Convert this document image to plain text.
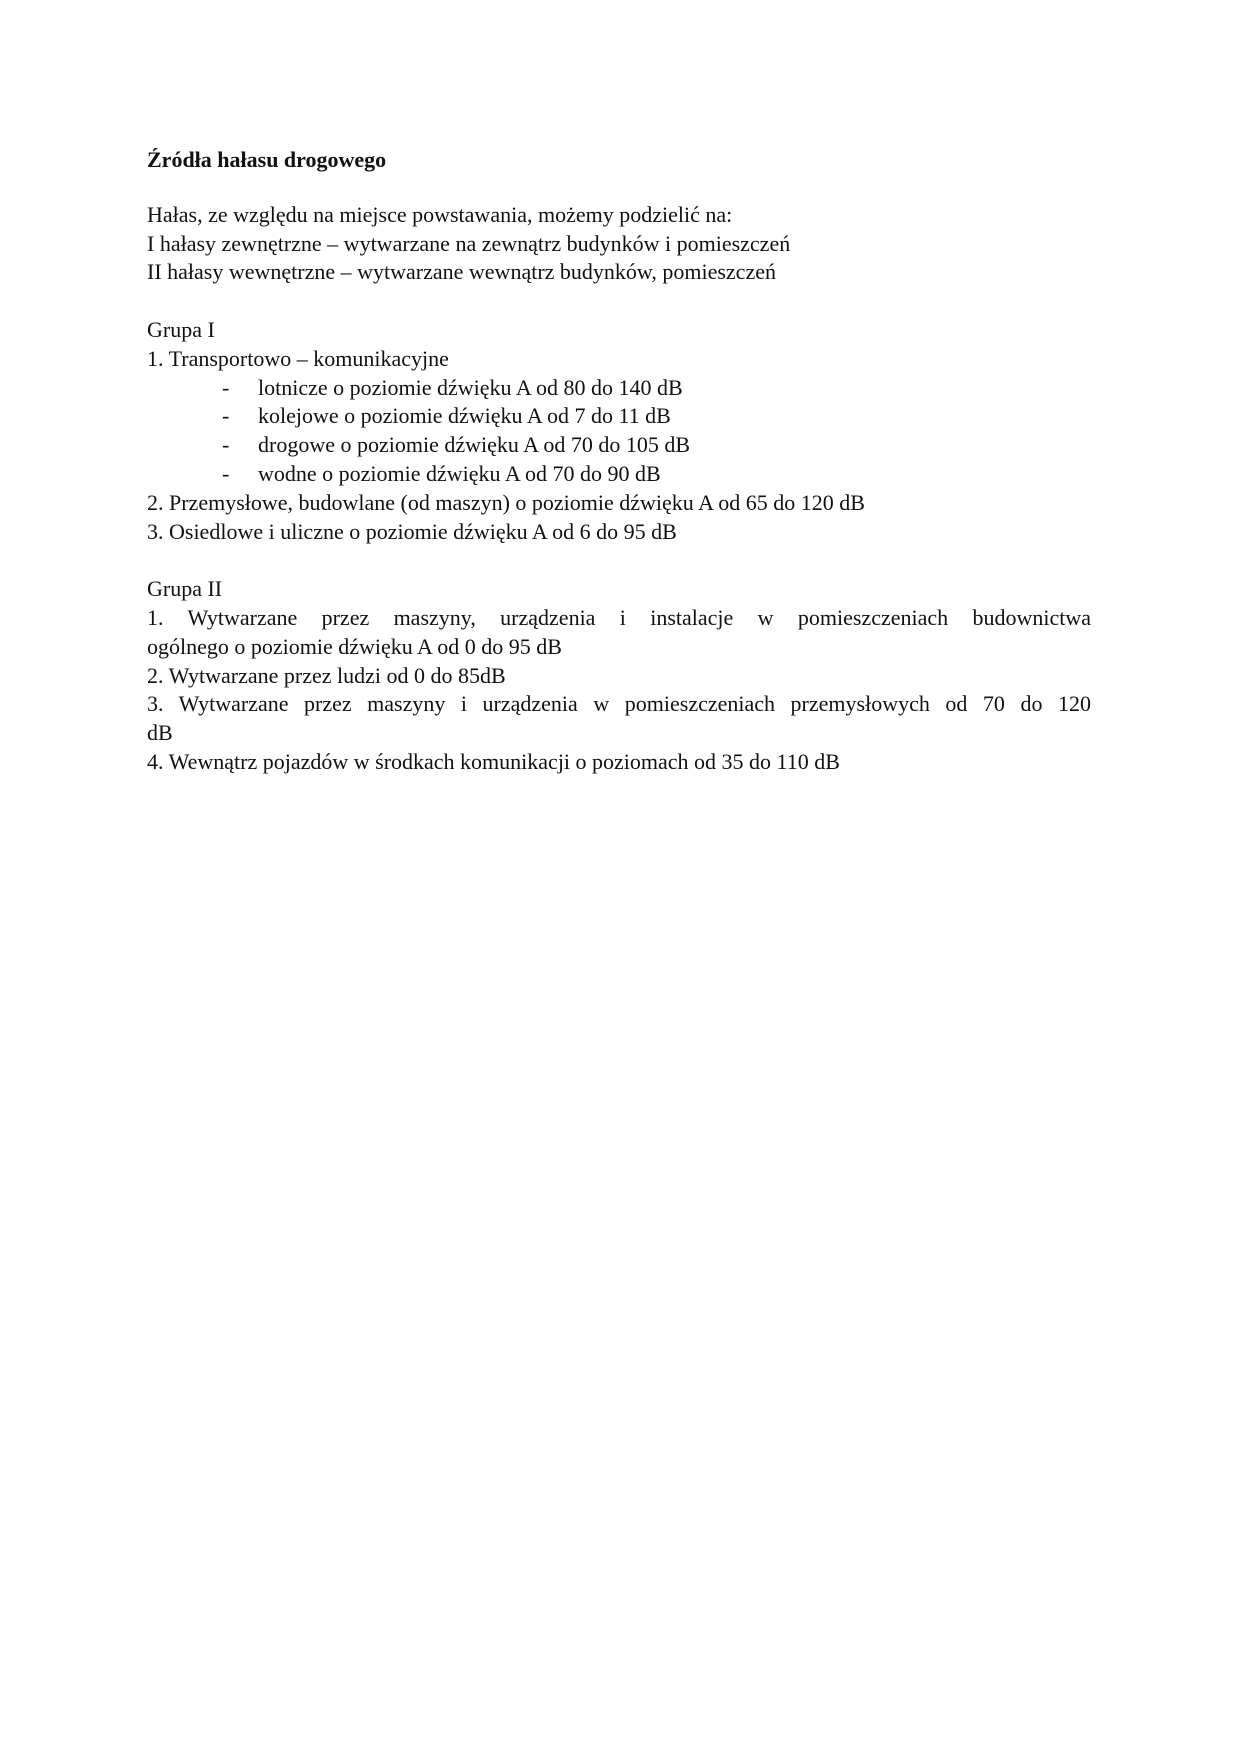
Źródła hałasu drogowego

Hałas, ze względu na miejsce powstawania, możemy podzielić na:

I hałasy zewnętrzne – wytwarzane na zewnątrz budynków i pomieszczeń

II hałasy wewnętrzne – wytwarzane wewnątrz budynków, pomieszczeń

Grupa I

1. Transportowo – komunikacyjne

- lotnicze o poziomie dźwięku A od 80 do 140 dB
- kolejowe o poziomie dźwięku A od 7 do 11 dB
- drogowe o poziomie dźwięku A od 70 do 105 dB
- wodne o poziomie dźwięku A od 70 do 90 dB

2. Przemysłowe, budowlane (od maszyn) o poziomie dźwięku A od 65 do 120 dB

3. Osiedlowe i uliczne o poziomie dźwięku A od 6 do 95 dB

Grupa II

1. Wytwarzane przez maszyny, urządzenia i instalacje w pomieszczeniach budownictwa

ogólnego o poziomie dźwięku A od 0 do 95 dB

2. Wytwarzane przez ludzi od 0 do 85dB

3. Wytwarzane przez maszyny i urządzenia w pomieszczeniach przemysłowych od 70 do 120

dB

4. Wewnątrz pojazdów w środkach komunikacji o poziomach od 35 do 110 dB
